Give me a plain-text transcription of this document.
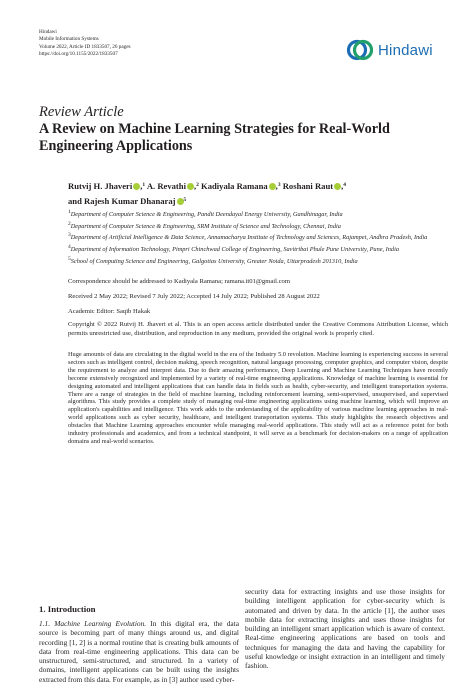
Hindawi
Mobile Information Systems
Volume 2022, Article ID 1833507, 26 pages
https://doi.org/10.1155/2022/1833507	Hindawi
Review Article
A Review on Machine Learning Strategies for Real-World Engineering Applications
Rutvij H. Jhaveri ,$^1$ A. Revathi ,$^2$ Kadiyala Ramana ,$^3$ Roshani Raut ,$^4$
and Rajesh Kumar Dhanaraj $^5$

1Department of Computer Science & Engineering, Pandit Deendayal Energy University, Gandhinagar, India

2Department of Computer Science & Engineering, SRM Institute of Science and Technology, Chennai, India

3Department of Artificial Intelligence & Data Science, Annamacharya Institute of Technology and Sciences, Rajampet, Andhra Pradesh, India

4Department of Information Technology, Pimpri Chinchwad College of Engineering, Savitribai Phule Pune University, Pune, India

5School of Computing Science and Engineering, Galgotias University, Greater Noida, Uttarpradesh 201310, India

Correspondence should be addressed to Kadiyala Ramana; ramana.it01@gmail.com
Received 2 May 2022; Revised 7 July 2022; Accepted 14 July 2022; Published 28 August 2022
Academic Editor: Saqib Hakak
Copyright © 2022 Rutvij H. Jhaveri et al. This is an open access article distributed under the Creative Commons Attribution License, which permits unrestricted use, distribution, and reproduction in any medium, provided the original work is properly cited.
Huge amounts of data are circulating in the digital world in the era of the Industry 5.0 revolution. Machine learning is experiencing success in several sectors such as intelligent control, decision making, speech recognition, natural language processing, computer graphics, and computer vision, despite the requirement to analyze and interpret data. Due to their amazing performance, Deep Learning and Machine Learning Techniques have recently become extensively recognized and implemented by a variety of real-time engineering applications. Knowledge of machine learning is essential for designing automated and intelligent applications that can handle data in fields such as health, cyber-security, and intelligent transportation systems. There are a range of strategies in the field of machine learning, including reinforcement learning, semi-supervised, unsupervised, and supervised algorithms. This study provides a complete study of managing real-time engineering applications using machine learning, which will improve an application's capabilities and intelligence. This work adds to the understanding of the applicability of various machine learning approaches in real-world applications such as cyber security, healthcare, and intelligent transportation systems. This study highlights the research objectives and obstacles that Machine Learning approaches encounter while managing real-world applications. This study will act as a reference point for both industry professionals and academics, and from a technical standpoint, it will serve as a benchmark for decision-makers on a range of application domains and real-world scenarios.
1. Introduction
1.1. Machine Learning Evolution. In this digital era, the data source is becoming part of many things around us, and digital recording [1, 2] is a normal routine that is creating bulk amounts of data from real-time engineering applications. This data can be unstructured, semi-structured, and structured. In a variety of domains, intelligent applications can be built using the insights extracted from this data. For example, as in [3] author used cyber-
security data for extracting insights and use those insights for building intelligent application for cyber-security which is automated and driven by data. In the article [1], the author uses mobile data for extracting insights and uses those insights for building an intelligent smart application which is aware of context. Real-time engineering applications are based on tools and techniques for managing the data and having the capability for useful knowledge or insight extraction in an intelligent and timely fashion.
